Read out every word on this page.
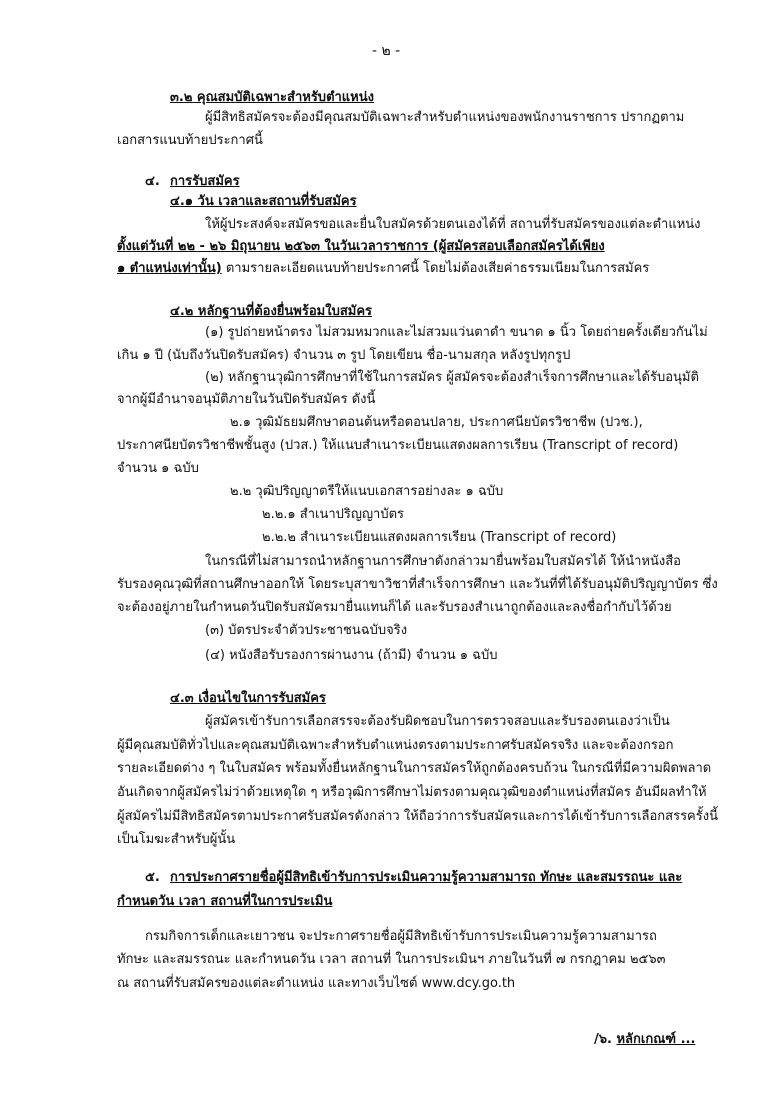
- ๒ -
๓.๒ คุณสมบัติเฉพาะสำหรับตำแหน่ง
ผู้มีสิทธิสมัครจะต้องมีคุณสมบัติเฉพาะสำหรับตำแหน่งของพนักงานราชการ ปรากฏตาม
เอกสารแนบท้ายประกาศนี้
๔. การรับสมัคร
๔.๑ วัน เวลาและสถานที่รับสมัคร
ให้ผู้ประสงค์จะสมัครขอและยื่นใบสมัครด้วยตนเองได้ที่ สถานที่รับสมัครของแต่ละตำแหน่ง
ตั้งแต่วันที่ ๒๒ - ๒๖ มิถุนายน ๒๕๖๓ ในวันเวลาราชการ (ผู้สมัครสอบเลือกสมัครได้เพียง
๑ ตำแหน่งเท่านั้น) ตามรายละเอียดแนบท้ายประกาศนี้ โดยไม่ต้องเสียค่าธรรมเนียมในการสมัคร
๔.๒ หลักฐานที่ต้องยื่นพร้อมใบสมัคร
(๑) รูปถ่ายหน้าตรง ไม่สวมหมวกและไม่สวมแว่นตาดำ ขนาด ๑ นิ้ว โดยถ่ายครั้งเดียวกันไม่
เกิน ๑ ปี (นับถึงวันปิดรับสมัคร) จำนวน ๓ รูป โดยเขียน ชื่อ-นามสกุล หลังรูปทุกรูป
(๒) หลักฐานวุฒิการศึกษาที่ใช้ในการสมัคร ผู้สมัครจะต้องสำเร็จการศึกษาและได้รับอนุมัติ
จากผู้มีอำนาจอนุมัติภายในวันปิดรับสมัคร ดังนี้
๒.๑ วุฒิมัธยมศึกษาตอนต้นหรือตอนปลาย, ประกาศนียบัตรวิชาชีพ (ปวช.),
ประกาศนียบัตรวิชาชีพชั้นสูง (ปวส.) ให้แนบสำเนาระเบียนแสดงผลการเรียน (Transcript of record)
จำนวน ๑ ฉบับ
๒.๒ วุฒิปริญญาตรีให้แนบเอกสารอย่างละ ๑ ฉบับ
๒.๒.๑ สำเนาปริญญาบัตร
๒.๒.๒ สำเนาระเบียนแสดงผลการเรียน (Transcript of record)
ในกรณีที่ไม่สามารถนำหลักฐานการศึกษาดังกล่าวมายื่นพร้อมใบสมัครได้ ให้นำหนังสือ
รับรองคุณวุฒิที่สถานศึกษาออกให้ โดยระบุสาขาวิชาที่สำเร็จการศึกษา และวันที่ที่ได้รับอนุมัติปริญญาบัตร ซึ่ง
จะต้องอยู่ภายในกำหนดวันปิดรับสมัครมายื่นแทนก็ได้ และรับรองสำเนาถูกต้องและลงชื่อกำกับไว้ด้วย
(๓) บัตรประจำตัวประชาชนฉบับจริง
(๔) หนังสือรับรองการผ่านงาน (ถ้ามี) จำนวน ๑ ฉบับ
๔.๓ เงื่อนไขในการรับสมัคร
ผู้สมัครเข้ารับการเลือกสรรจะต้องรับผิดชอบในการตรวจสอบและรับรองตนเองว่าเป็น
ผู้มีคุณสมบัติทั่วไปและคุณสมบัติเฉพาะสำหรับตำแหน่งตรงตามประกาศรับสมัครจริง และจะต้องกรอก
รายละเอียดต่าง ๆ ในใบสมัคร พร้อมทั้งยื่นหลักฐานในการสมัครให้ถูกต้องครบถ้วน ในกรณีที่มีความผิดพลาด
อันเกิดจากผู้สมัครไม่ว่าด้วยเหตุใด ๆ หรือวุฒิการศึกษาไม่ตรงตามคุณวุฒิของตำแหน่งที่สมัคร อันมีผลทำให้
ผู้สมัครไม่มีสิทธิสมัครตามประกาศรับสมัครดังกล่าว ให้ถือว่าการรับสมัครและการได้เข้ารับการเลือกสรรครั้งนี้
เป็นโมฆะสำหรับผู้นั้น
๕. การประกาศรายชื่อผู้มีสิทธิเข้ารับการประเมินความรู้ความสามารถ ทักษะ และสมรรถนะ และ
กำหนดวัน เวลา สถานที่ในการประเมิน
กรมกิจการเด็กและเยาวชน จะประกาศรายชื่อผู้มีสิทธิเข้ารับการประเมินความรู้ความสามารถ
ทักษะ และสมรรถนะ และกำหนดวัน เวลา สถานที่ ในการประเมินฯ ภายในวันที่ ๗ กรกฎาคม ๒๕๖๓
ณ สถานที่รับสมัครของแต่ละตำแหน่ง และทางเว็บไซต์ www.dcy.go.th
/๖. หลักเกณฑ์ ...
